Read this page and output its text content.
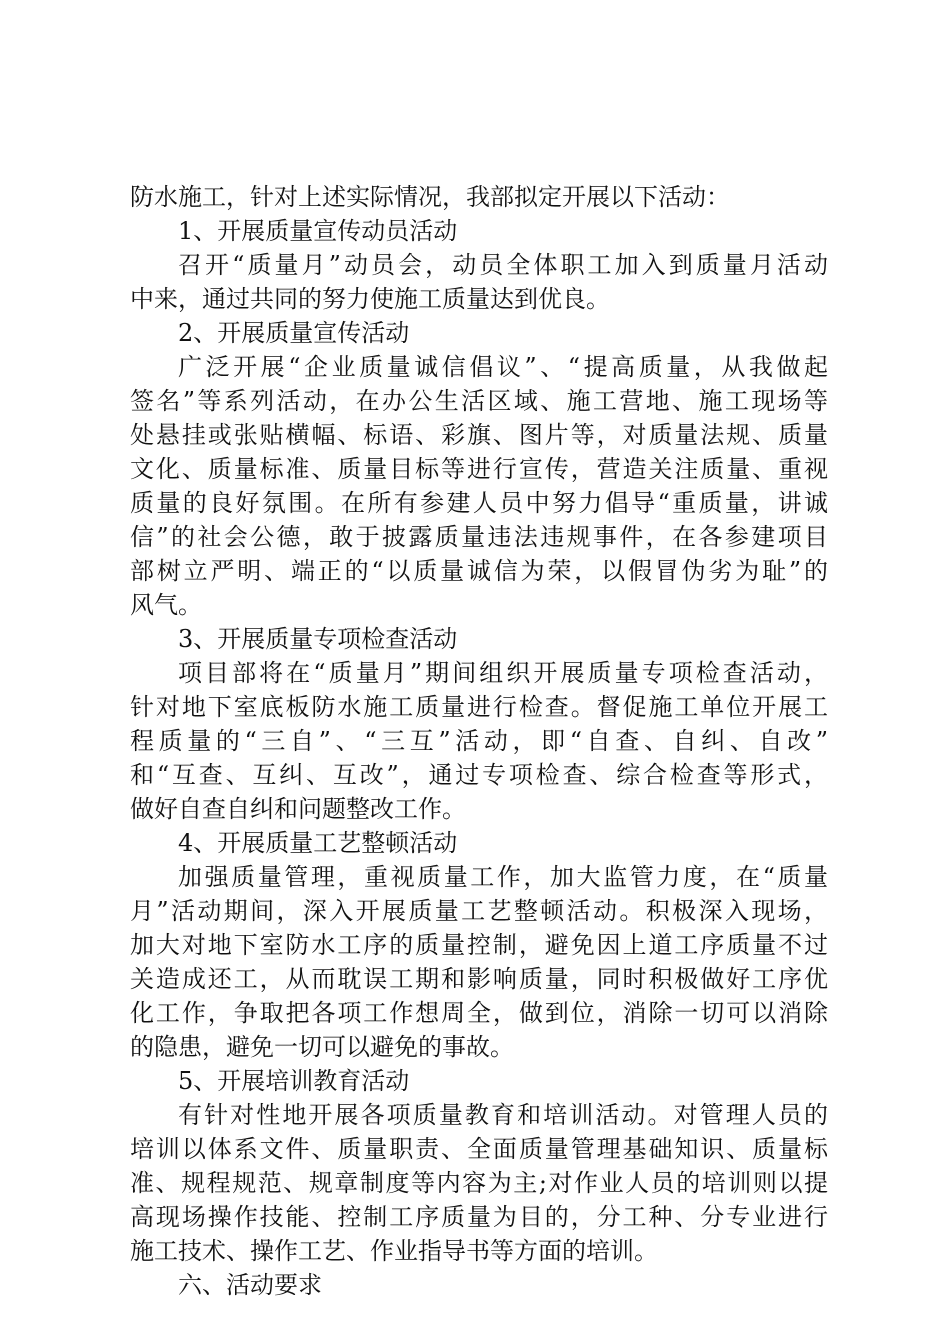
防水施工，针对上述实际情况，我部拟定开展以下活动：
1、开展质量宣传动员活动
召开“质量月”动员会，动员全体职工加入到质量月活动
中来，通过共同的努力使施工质量达到优良。
2、开展质量宣传活动
广泛开展“企业质量诚信倡议”、“提高质量，从我做起
签名”等系列活动，在办公生活区域、施工营地、施工现场等
处悬挂或张贴横幅、标语、彩旗、图片等，对质量法规、质量
文化、质量标准、质量目标等进行宣传，营造关注质量、重视
质量的良好氛围。在所有参建人员中努力倡导“重质量，讲诚
信”的社会公德，敢于披露质量违法违规事件，在各参建项目
部树立严明、端正的“以质量诚信为荣，以假冒伪劣为耻”的
风气。
3、开展质量专项检查活动
项目部将在“质量月”期间组织开展质量专项检查活动，
针对地下室底板防水施工质量进行检查。督促施工单位开展工
程质量的“三自”、“三互”活动，即“自查、自纠、自改”
和“互查、互纠、互改”，通过专项检查、综合检查等形式，
做好自查自纠和问题整改工作。
4、开展质量工艺整顿活动
加强质量管理，重视质量工作，加大监管力度，在“质量
月”活动期间，深入开展质量工艺整顿活动。积极深入现场，
加大对地下室防水工序的质量控制，避免因上道工序质量不过
关造成还工，从而耽误工期和影响质量，同时积极做好工序优
化工作，争取把各项工作想周全，做到位，消除一切可以消除
的隐患，避免一切可以避免的事故。
5、开展培训教育活动
有针对性地开展各项质量教育和培训活动。对管理人员的
培训以体系文件、质量职责、全面质量管理基础知识、质量标
准、规程规范、规章制度等内容为主;对作业人员的培训则以提
高现场操作技能、控制工序质量为目的，分工种、分专业进行
施工技术、操作工艺、作业指导书等方面的培训。
六、活动要求
